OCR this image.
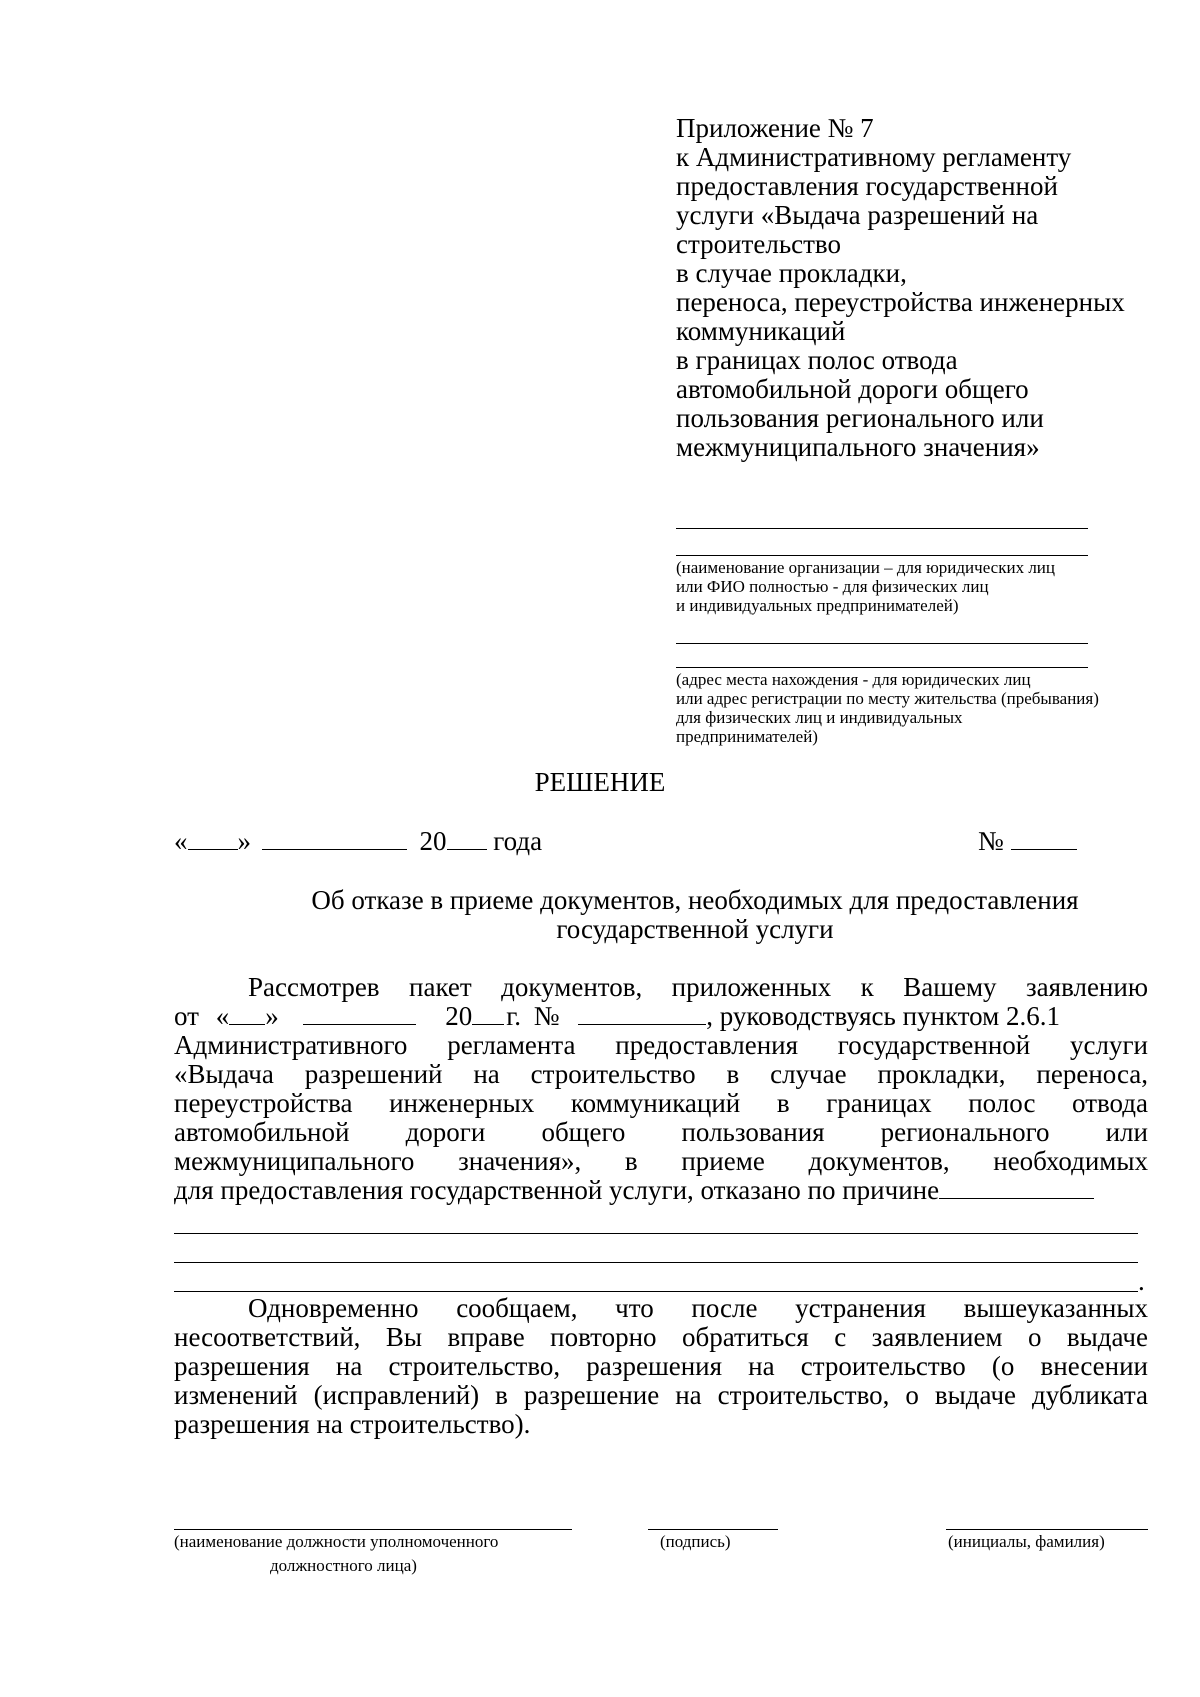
Приложение № 7
к Административному регламенту
предоставления государственной
услуги «Выдача разрешений на
строительство
в случае прокладки,
переноса, переустройства инженерных
коммуникаций
в границах полос отвода
автомобильной дороги общего
пользования регионального или
межмуниципального значения»
(наименование организации – для юридических лиц
или ФИО полностью - для физических лиц
и индивидуальных предпринимателей)
(адрес места нахождения - для юридических лиц
или адрес регистрации по месту жительства (пребывания)
для физических лиц и индивидуальных
предпринимателей)
РЕШЕНИЕ
« »	20 года	№
Об отказе в приеме документов, необходимых для предоставления
государственной услуги
Рассмотрев пакет документов, приложенных к Вашему заявлению
от « »	20 г. №	, руководствуясь пунктом 2.6.1
Административного регламента предоставления государственной услуги
«Выдача разрешений на строительство в случае прокладки, переноса,
переустройства инженерных коммуникаций в границах полос отвода
автомобильной дороги общего пользования регионального или
межмуниципального значения», в приеме документов, необходимых
для предоставления государственной услуги, отказано по причине
.
Одновременно сообщаем, что после устранения вышеуказанных
несоответствий, Вы вправе повторно обратиться с заявлением о выдаче
разрешения на строительство, разрешения на строительство (о внесении
изменений (исправлений) в разрешение на строительство, о выдаче дубликата
разрешения на строительство).
(наименование должности уполномоченного
должностного лица)
(подпись)	(инициалы, фамилия)
